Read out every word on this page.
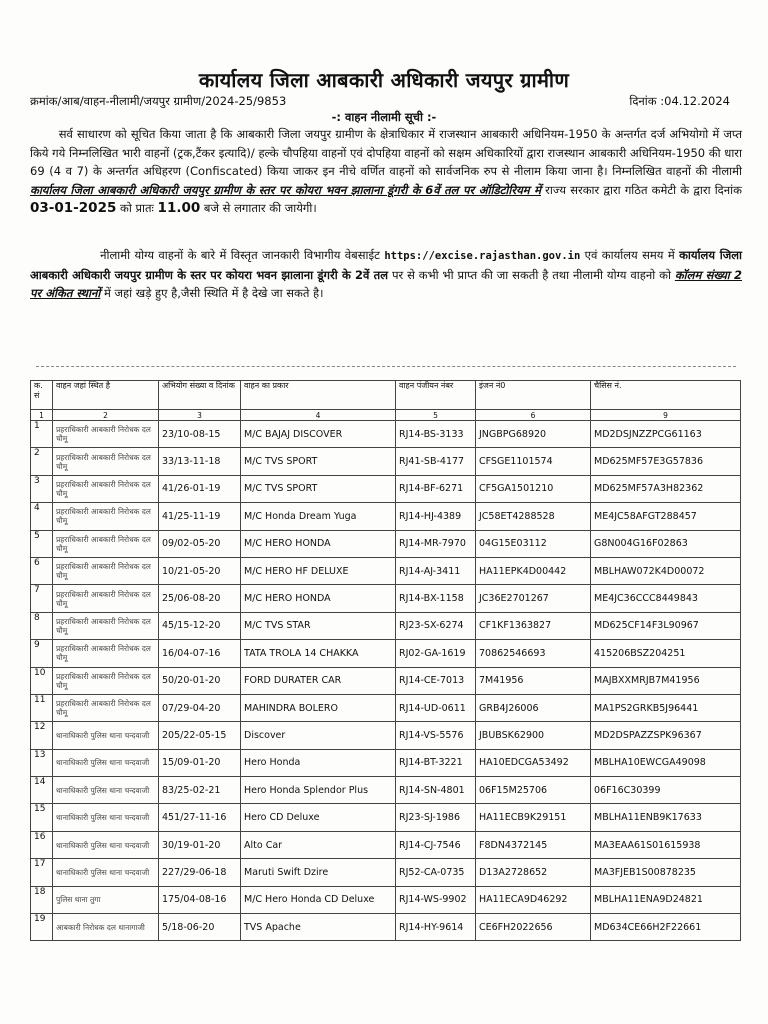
कार्यालय जिला आबकारी अधिकारी जयपुर ग्रामीण
क्रमांक/आब/वाहन-नीलामी/जयपुर ग्रामीण/2024-25/9853	दिनांक :04.12.2024
-: वाहन नीलामी सूची :-
सर्व साधारण को सूचित किया जाता है कि आबकारी जिला जयपुर ग्रामीण के क्षेत्राधिकार में राजस्थान आबकारी अधिनियम-1950 के अन्तर्गत दर्ज अभियोगो में जप्त किये गये निम्नलिखित भारी वाहनों (ट्रक,टैंकर इत्यादि)/ हल्के चौपहिया वाहनों एवं दोपहिया वाहनों को सक्षम अधिकारियों द्वारा राजस्थान आबकारी अधिनियम-1950 की धारा 69 (4 व 7) के अन्तर्गत अधिहरण (Confiscated) किया जाकर इन नीचे वर्णित वाहनों को सार्वजनिक रुप से नीलाम किया जाना है। निम्नलिखित वाहनों की नीलामी कार्यालय जिला आबकारी अधिकारी जयपुर ग्रामीण के स्तर पर कोयरा भवन झालाना डूंगरी के 6वें तल पर ऑडिटोरियम में राज्य सरकार द्वारा गठित कमेटी के द्वारा दिनांक 03-01-2025 को प्रातः 11.00 बजे से लगातार की जायेगी।
नीलामी योग्य वाहनों के बारे में विस्तृत जानकारी विभागीय वेबसाईट https://excise.rajasthan.gov.in एवं कार्यालय समय में कार्यालय जिला आबकारी अधिकारी जयपुर ग्रामीण के स्तर पर कोयरा भवन झालाना डूंगरी के 2वें तल पर से कभी भी प्राप्त की जा सकती है तथा नीलामी योग्य वाहनो को कॉलम संख्या 2 पर अंकित स्थानों में जहां खड़े हुए है,जैसी स्थिति में है देखे जा सकते है।
क. सं	वाहन जहां स्थित है	अभियोग संख्या व दिनांक	वाहन का प्रकार	वाहन पंजीयन नंबर	इंजन नं0	चैसिस नं.
1	2	3	4	5	6	9
1	प्रहराधिकारी आबकारी निरोधक दल चौमू	23/10-08-15	M/C BAJAJ DISCOVER	RJ14-BS-3133	JNGBPG68920	MD2DSJNZZPCG61163
2	प्रहराधिकारी आबकारी निरोधक दल चौमू	33/13-11-18	M/C TVS SPORT	RJ41-SB-4177	CFSGE1101574	MD625MF57E3G57836
3	प्रहराधिकारी आबकारी निरोधक दल चौमू	41/26-01-19	M/C TVS SPORT	RJ14-BF-6271	CF5GA1501210	MD625MF57A3H82362
4	प्रहराधिकारी आबकारी निरोधक दल चौमू	41/25-11-19	M/C Honda Dream Yuga	RJ14-HJ-4389	JC58ET4288528	ME4JC58AFGT288457
5	प्रहराधिकारी आबकारी निरोधक दल चौमू	09/02-05-20	M/C HERO HONDA	RJ14-MR-7970	04G15E03112	G8N004G16F02863
6	प्रहराधिकारी आबकारी निरोधक दल चौमू	10/21-05-20	M/C HERO HF DELUXE	RJ14-AJ-3411	HA11EPK4D00442	MBLHAW072K4D00072
7	प्रहराधिकारी आबकारी निरोधक दल चौमू	25/06-08-20	M/C HERO HONDA	RJ14-BX-1158	JC36E2701267	ME4JC36CCC8449843
8	प्रहराधिकारी आबकारी निरोधक दल चौमू	45/15-12-20	M/C TVS STAR	RJ23-SX-6274	CF1KF1363827	MD625CF14F3L90967
9	प्रहराधिकारी आबकारी निरोधक दल चौमू	16/04-07-16	TATA TROLA 14 CHAKKA	RJ02-GA-1619	70862546693	415206BSZ204251
10	प्रहराधिकारी आबकारी निरोधक दल चौमू	50/20-01-20	FORD DURATER CAR	RJ14-CE-7013	7M41956	MAJBXXMRJB7M41956
11	प्रहराधिकारी आबकारी निरोधक दल चौमू	07/29-04-20	MAHINDRA BOLERO	RJ14-UD-0611	GRB4J26006	MA1PS2GRKB5J96441
12	थानाधिकारी पुलिस थाना चन्दवाजी	205/22-05-15	Discover	RJ14-VS-5576	JBUBSK62900	MD2DSPAZZSPK96367
13	थानाधिकारी पुलिस थाना चन्दवाजी	15/09-01-20	Hero Honda	RJ14-BT-3221	HA10EDCGA53492	MBLHA10EWCGA49098
14	थानाधिकारी पुलिस थाना चन्दवाजी	83/25-02-21	Hero Honda Splendor Plus	RJ14-SN-4801	06F15M25706	06F16C30399
15	थानाधिकारी पुलिस थाना चन्दवाजी	451/27-11-16	Hero CD Deluxe	RJ23-SJ-1986	HA11ECB9K29151	MBLHA11ENB9K17633
16	थानाधिकारी पुलिस थाना चन्दवाजी	30/19-01-20	Alto Car	RJ14-CJ-7546	F8DN4372145	MA3EAA61S01615938
17	थानाधिकारी पुलिस थाना चन्दवाजी	227/29-06-18	Maruti Swift Dzire	RJ52-CA-0735	D13A2728652	MA3FJEB1S00878235
18	पुलिस थाना तुगा	175/04-08-16	M/C Hero Honda CD Deluxe	RJ14-WS-9902	HA11ECA9D46292	MBLHA11ENA9D24821
19	आबकारी निरोधक दल थानागाजी	5/18-06-20	TVS Apache	RJ14-HY-9614	CE6FH2022656	MD634CE66H2F22661
